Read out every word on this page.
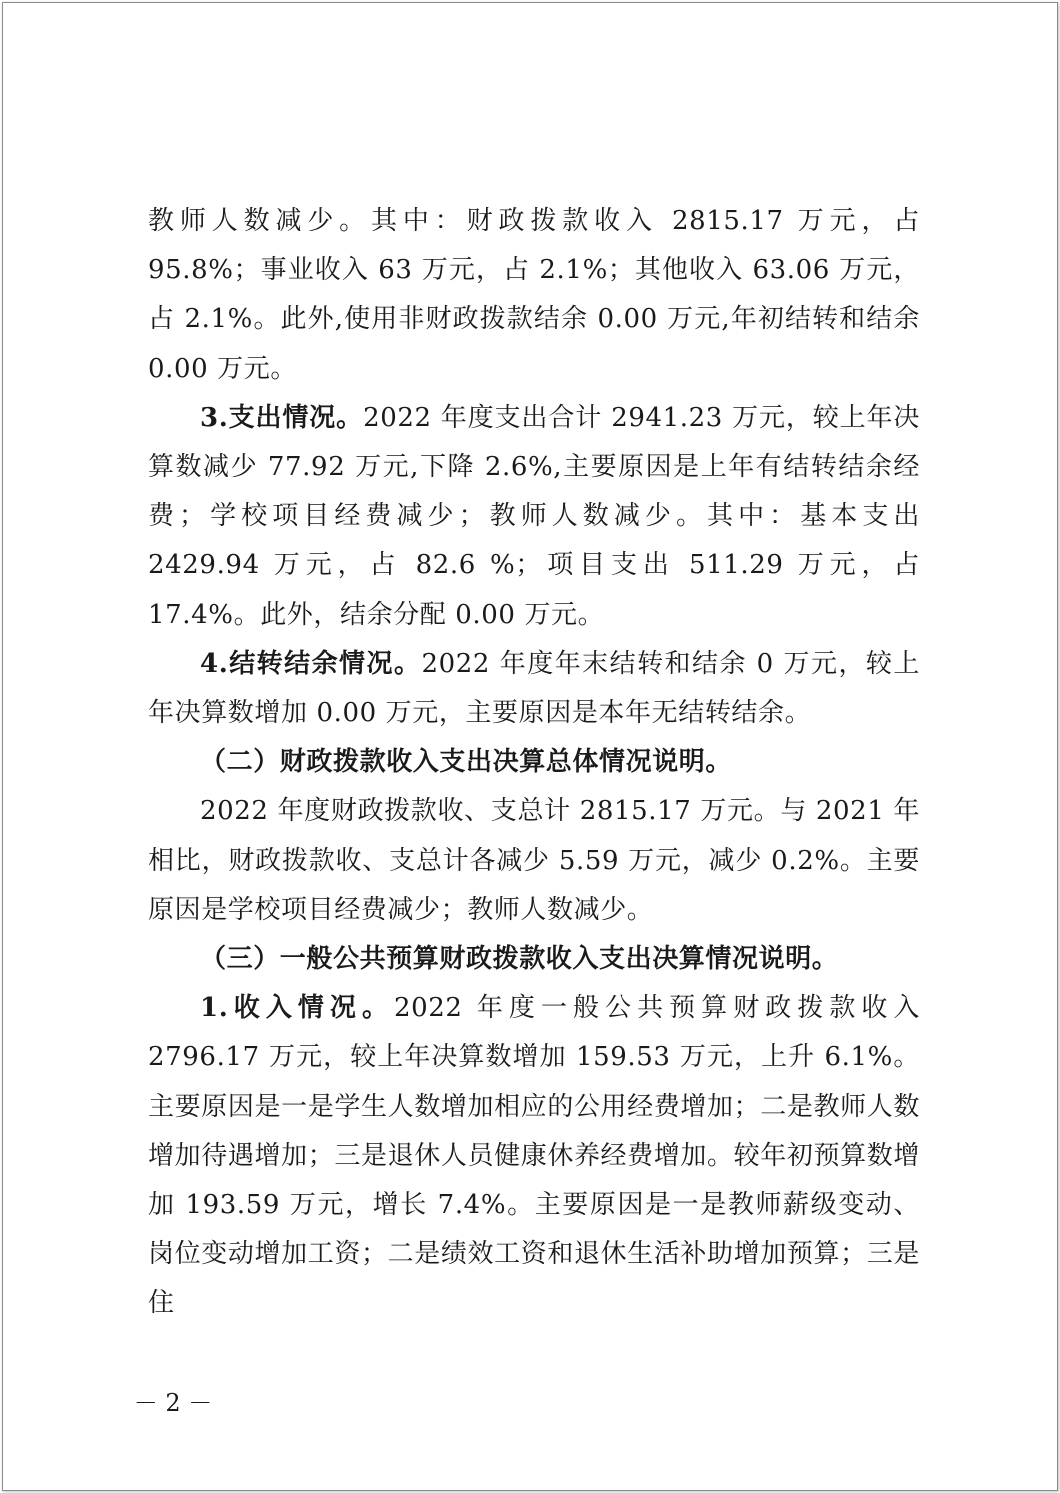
教师人数减少。其中：财政拨款收入 2815.17 万元，占 95.8%；事业收入 63 万元，占 2.1%；其他收入 63.06 万元，占 2.1%。此外,使用非财政拨款结余 0.00 万元,年初结转和结余 0.00 万元。

3.支出情况。2022 年度支出合计 2941.23 万元，较上年决算数减少 77.92 万元,下降 2.6%,主要原因是上年有结转结余经费；学校项目经费减少；教师人数减少。其中：基本支出 2429.94 万元，占 82.6 %；项目支出 511.29 万元，占 17.4%。此外，结余分配 0.00 万元。

4.结转结余情况。2022 年度年末结转和结余 0 万元，较上年决算数增加 0.00 万元，主要原因是本年无结转结余。

（二）财政拨款收入支出决算总体情况说明。

2022 年度财政拨款收、支总计 2815.17 万元。与 2021 年相比，财政拨款收、支总计各减少 5.59 万元，减少 0.2%。主要原因是学校项目经费减少；教师人数减少。

（三）一般公共预算财政拨款收入支出决算情况说明。

1.收入情况。2022 年度一般公共预算财政拨款收入 2796.17 万元，较上年决算数增加 159.53 万元，上升 6.1%。主要原因是一是学生人数增加相应的公用经费增加；二是教师人数增加待遇增加；三是退休人员健康休养经费增加。较年初预算数增加 193.59 万元，增长 7.4%。主要原因是一是教师薪级变动、岗位变动增加工资；二是绩效工资和退休生活补助增加预算；三是住

－ 2 －
